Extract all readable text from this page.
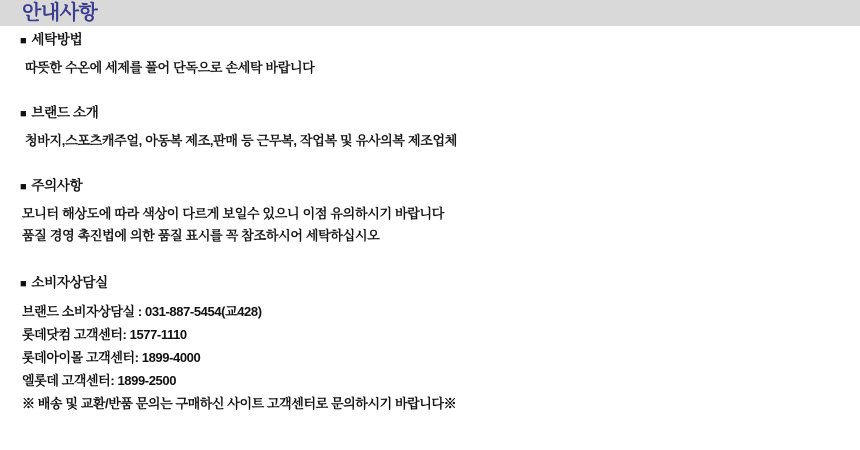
안내사항
■ 세탁방법
따뜻한 수온에 세제를 풀어 단독으로 손세탁 바랍니다
■ 브랜드 소개
청바지,스포츠캐주얼, 아동복 제조,판매 등 근무복, 작업복 및 유사의복 제조업체
■ 주의사항
모니터 해상도에 따라 색상이 다르게 보일수 있으니 이점 유의하시기 바랍니다
품질 경영 촉진법에 의한 품질 표시를 꼭 참조하시어 세탁하십시오
■ 소비자상담실
브랜드 소비자상담실 : 031-887-5454(교428)
롯데닷컴 고객센터: 1577-1110
롯데아이몰 고객센터: 1899-4000
엘롯데 고객센터: 1899-2500
※ 배송 및 교환/반품 문의는 구매하신 사이트 고객센터로 문의하시기 바랍니다※
